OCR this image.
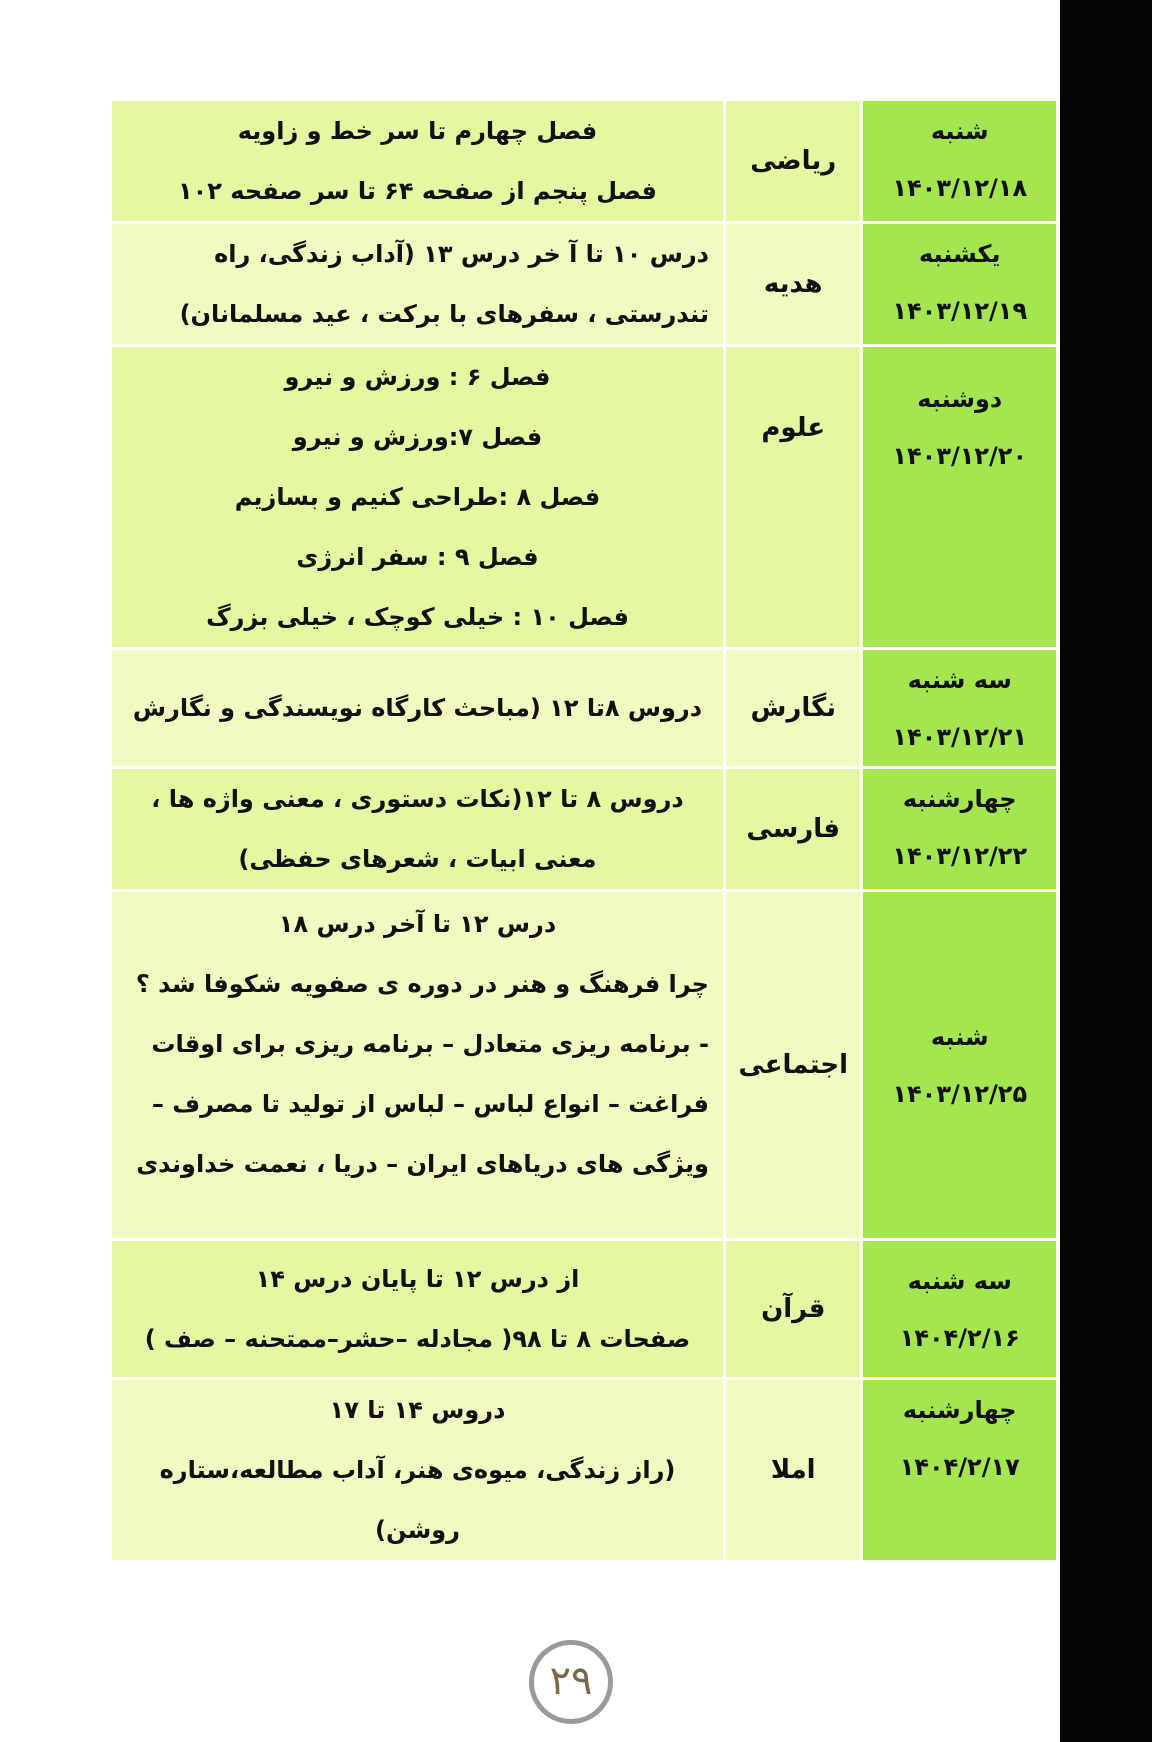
شنبه
۱۴۰۳/۱۲/۱۸	ریاضی	فصل چهارم تا سر خط و زاویه
فصل پنجم از صفحه ۶۴ تا سر صفحه ۱۰۲

یکشنبه
۱۴۰۳/۱۲/۱۹	هدیه	درس ۱۰ تا آ خر درس ۱۳ (آداب زندگی، راه
تندرستی ، سفرهای با برکت ، عید مسلمانان)

دوشنبه
۱۴۰۳/۱۲/۲۰	علوم	فصل ۶ : ورزش و نیرو
فصل ۷:ورزش و نیرو
فصل ۸ :طراحی کنیم و بسازیم
فصل ۹ : سفر انرژی
فصل ۱۰ : خیلی کوچک ، خیلی بزرگ

سه شنبه
۱۴۰۳/۱۲/۲۱	نگارش	دروس ۸تا ۱۲ (مباحث کارگاه نویسندگی و نگارش

چهارشنبه
۱۴۰۳/۱۲/۲۲	فارسی	دروس ۸ تا ۱۲(نکات دستوری ، معنی واژه ها ،
معنی ابیات ، شعرهای حفظی)

شنبه
۱۴۰۳/۱۲/۲۵	اجتماعی	درس ۱۲ تا آخر درس ۱۸
چرا فرهنگ و هنر در دوره ی صفویه شکوفا شد ؟
- برنامه ریزی متعادل – برنامه ریزی برای اوقات
فراغت – انواع لباس – لباس از تولید تا مصرف –
ویژگی های دریاهای ایران – دریا ، نعمت خداوندی

سه شنبه
۱۴۰۴/۲/۱۶	قرآن	از درس ۱۲ تا پایان درس ۱۴
صفحات ۸ تا ۹۸( مجادله –حشر–ممتحنه – صف )

چهارشنبه
۱۴۰۴/۲/۱۷	املا	دروس ۱۴ تا ۱۷
(راز زندگی، میوه‌ی هنر، آداب مطالعه،ستاره روشن)
۲۹
